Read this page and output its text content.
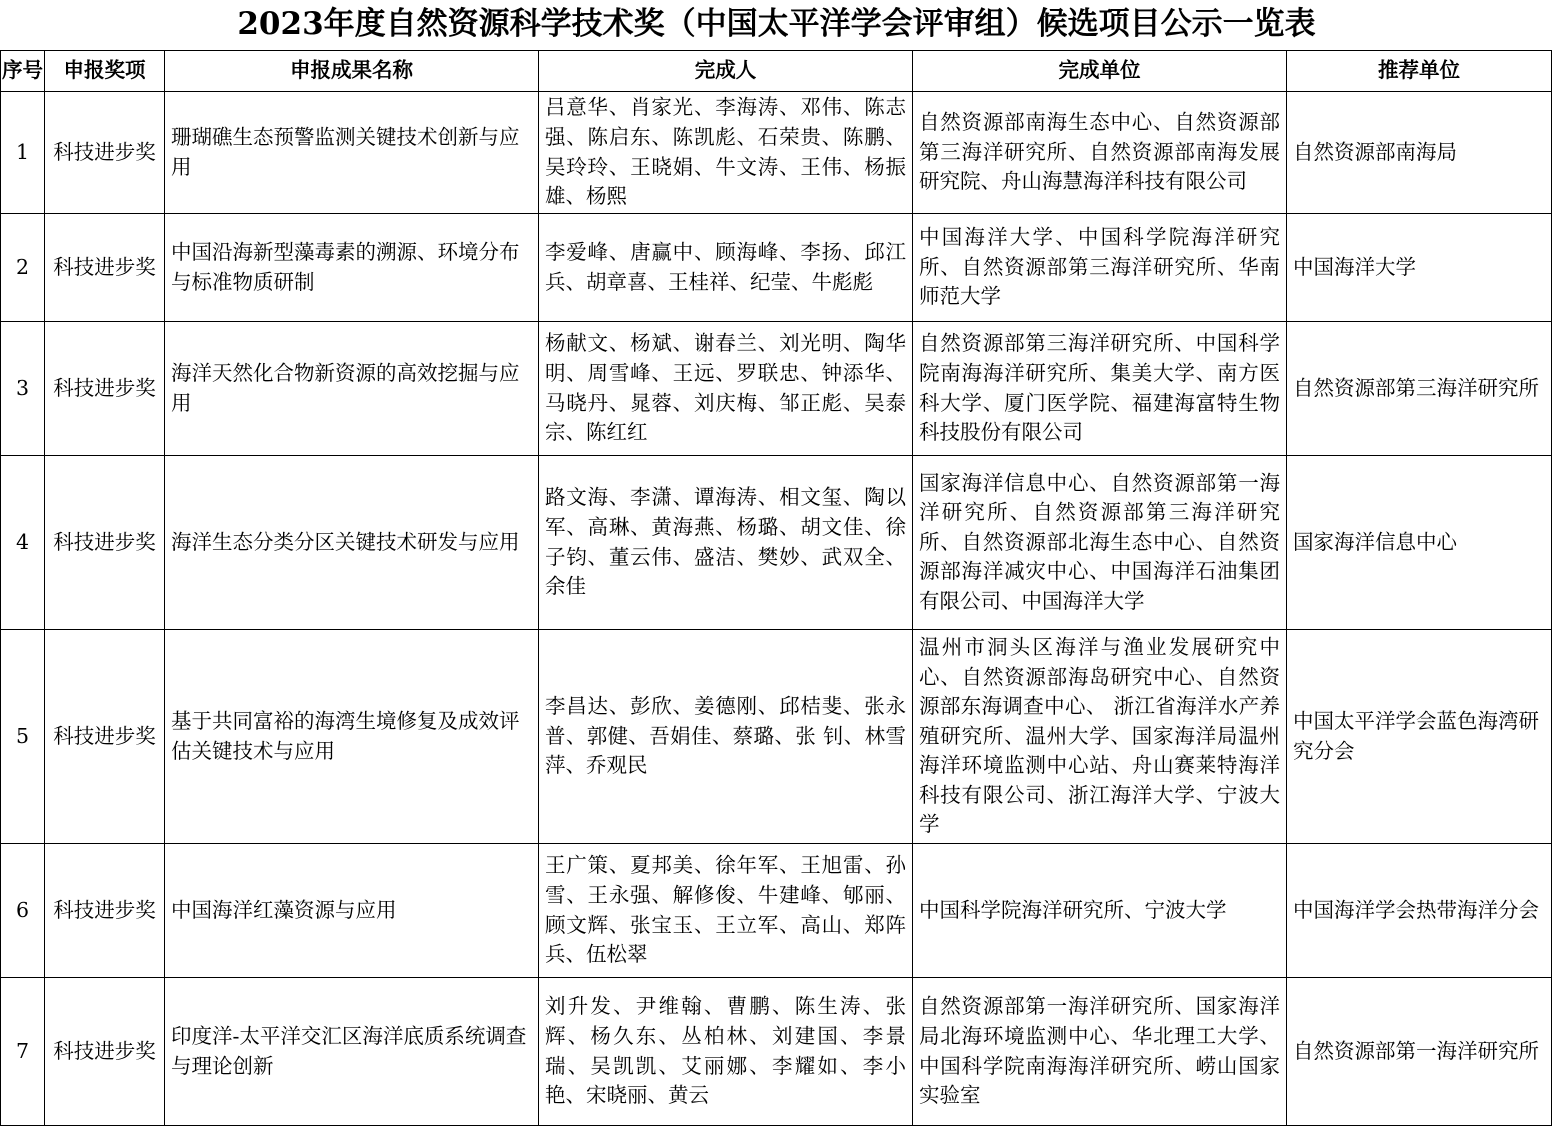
2023年度自然资源科学技术奖（中国太平洋学会评审组）候选项目公示一览表
序号	申报奖项	申报成果名称	完成人	完成单位	推荐单位
1	科技进步奖	珊瑚礁生态预警监测关键技术创新与应用	吕意华、肖家光、李海涛、邓伟、陈志强、陈启东、陈凯彪、石荣贵、陈鹏、吴玲玲、王晓娟、牛文涛、王伟、杨振雄、杨熙	自然资源部南海生态中心、自然资源部第三海洋研究所、自然资源部南海发展研究院、舟山海慧海洋科技有限公司	自然资源部南海局
2	科技进步奖	中国沿海新型藻毒素的溯源、环境分布与标准物质研制	李爱峰、唐赢中、顾海峰、李扬、邱江兵、胡章喜、王桂祥、纪莹、牛彪彪	中国海洋大学、中国科学院海洋研究所、自然资源部第三海洋研究所、华南师范大学	中国海洋大学
3	科技进步奖	海洋天然化合物新资源的高效挖掘与应用	杨献文、杨斌、谢春兰、刘光明、陶华明、周雪峰、王远、罗联忠、钟添华、马晓丹、晁蓉、刘庆梅、邹正彪、吴泰宗、陈红红	自然资源部第三海洋研究所、中国科学院南海海洋研究所、集美大学、南方医科大学、厦门医学院、福建海富特生物科技股份有限公司	自然资源部第三海洋研究所
4	科技进步奖	海洋生态分类分区关键技术研发与应用	路文海、李潇、谭海涛、相文玺、陶以军、高琳、黄海燕、杨璐、胡文佳、徐子钧、董云伟、盛洁、樊妙、武双全、余佳	国家海洋信息中心、自然资源部第一海洋研究所、自然资源部第三海洋研究所、自然资源部北海生态中心、自然资源部海洋减灾中心、中国海洋石油集团有限公司、中国海洋大学	国家海洋信息中心
5	科技进步奖	基于共同富裕的海湾生境修复及成效评估关键技术与应用	李昌达、彭欣、姜德刚、邱桔斐、张永普、郭健、吾娟佳、蔡璐、张 钊、林雪萍、乔观民	温州市洞头区海洋与渔业发展研究中心、自然资源部海岛研究中心、自然资源部东海调查中心、 浙江省海洋水产养殖研究所、温州大学、国家海洋局温州海洋环境监测中心站、舟山赛莱特海洋科技有限公司、浙江海洋大学、宁波大学	中国太平洋学会蓝色海湾研究分会
6	科技进步奖	中国海洋红藻资源与应用	王广策、夏邦美、徐年军、王旭雷、孙雪、王永强、解修俊、牛建峰、郇丽、顾文辉、张宝玉、王立军、高山、郑阵兵、伍松翠	中国科学院海洋研究所、宁波大学	中国海洋学会热带海洋分会
7	科技进步奖	印度洋-太平洋交汇区海洋底质系统调查与理论创新	刘升发、尹维翰、曹鹏、陈生涛、张辉、杨久东、丛柏林、刘建国、李景瑞、吴凯凯、艾丽娜、李耀如、李小艳、宋晓丽、黄云	自然资源部第一海洋研究所、国家海洋局北海环境监测中心、华北理工大学、 中国科学院南海海洋研究所、崂山国家实验室	自然资源部第一海洋研究所
